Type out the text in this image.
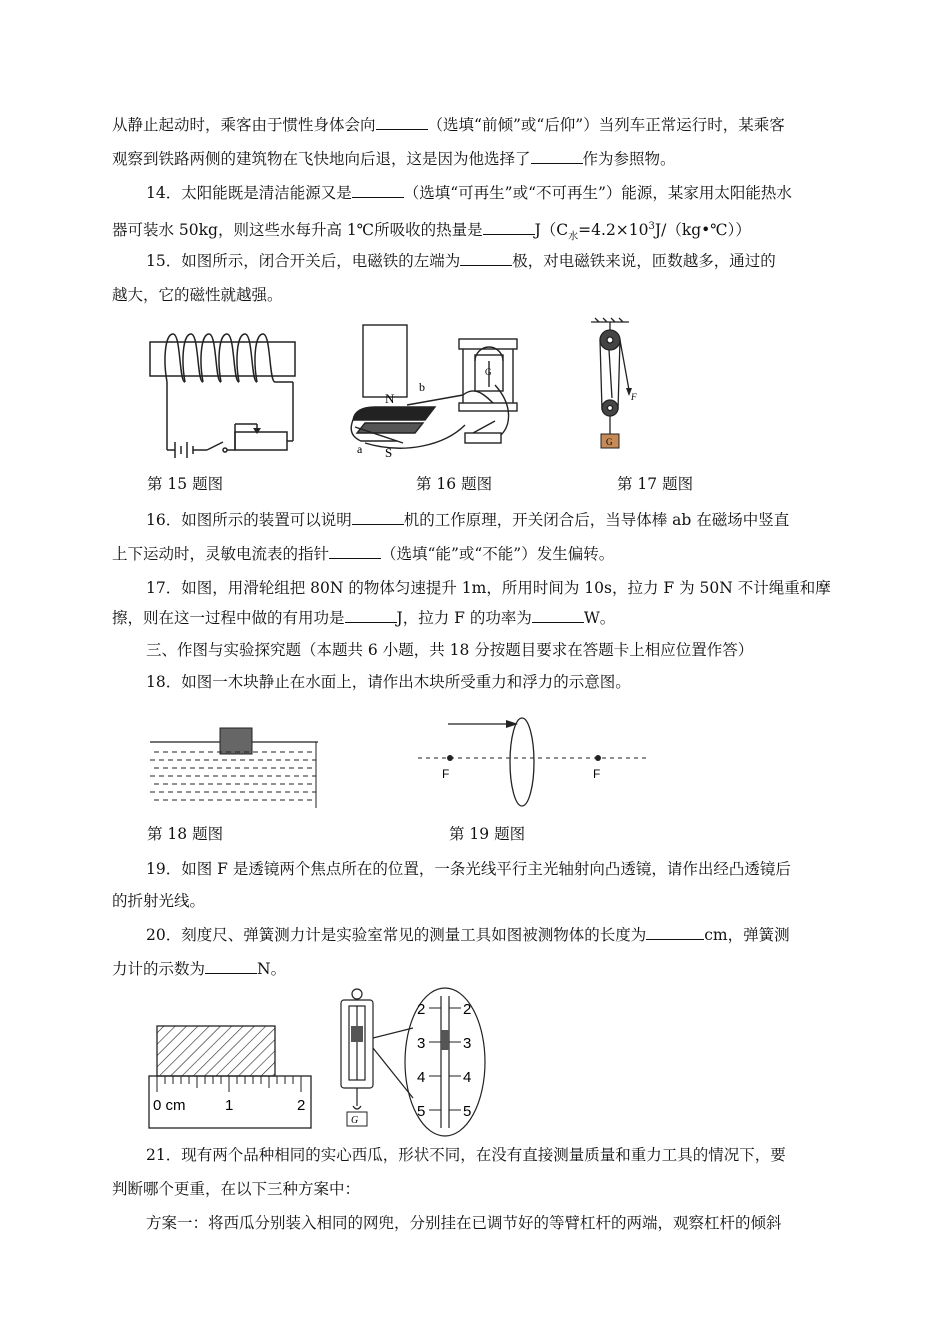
从静止起动时，乘客由于惯性身体会向	（选填“前倾”或“后仰”）当列车正常运行时，某乘客
观察到铁路两侧的建筑物在飞快地向后退，这是因为他选择了	作为参照物。
14．太阳能既是清洁能源又是	（选填“可再生”或“不可再生”）能源，某家用太阳能热水
器可装水 50kg，则这些水每升高 1℃所吸收的热量是	$J(C_水=4.2\times 10^3J/(kg•℃))$
15．如图所示，闭合开关后，电磁铁的左端为	极，对电磁铁来说，匝数越多，通过的
越大，它的磁性就越强。
第 15 题图
N
S
a
b
G
第 16 题图
G
F
第 17 题图
16．如图所示的装置可以说明	机的工作原理，开关闭合后，当导体棒 ab 在磁场中竖直
上下运动时，灵敏电流表的指针	（选填“能”或“不能”）发生偏转。
17．如图，用滑轮组把 80N 的物体匀速提升 1m，所用时间为 10s，拉力 F 为 50N 不计绳重和摩
擦，则在这一过程中做的有用功是	J，拉力 F 的功率为	W。
三、作图与实验探究题（本题共 6 小题，共 18 分按题目要求在答题卡上相应位置作答）
18．如图一木块静止在水面上，请作出木块所受重力和浮力的示意图。
第 18 题图
F	F
第 19 题图
19．如图 F 是透镜两个焦点所在的位置，一条光线平行主光轴射向凸透镜，请作出经凸透镜后
的折射光线。
20．刻度尺、弹簧测力计是实验室常见的测量工具如图被测物体的长度为	cm，弹簧测
力计的示数为	N。
0 cm	1	2
G
2
3
4
5
2
3
4
5
21．现有两个品种相同的实心西瓜，形状不同，在没有直接测量质量和重力工具的情况下，要
判断哪个更重，在以下三种方案中：
方案一：将西瓜分别装入相同的网兜，分别挂在已调节好的等臂杠杆的两端，观察杠杆的倾斜
